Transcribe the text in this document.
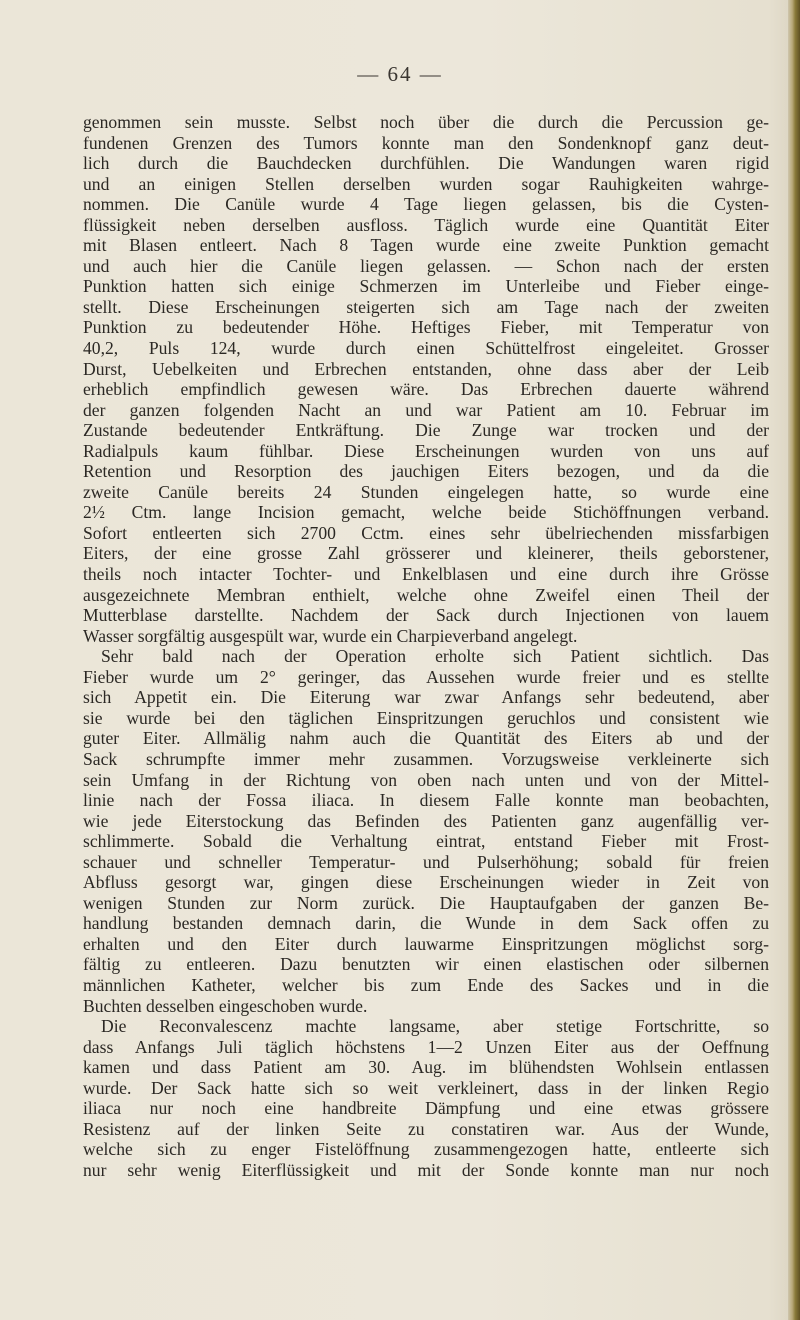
— 64 —
genommen sein musste. Selbst noch über die durch die Percussion ge-
fundenen Grenzen des Tumors konnte man den Sondenknopf ganz deut-
lich durch die Bauchdecken durchfühlen. Die Wandungen waren rigid
und an einigen Stellen derselben wurden sogar Rauhigkeiten wahrge-
nommen. Die Canüle wurde 4 Tage liegen gelassen, bis die Cysten-
flüssigkeit neben derselben ausfloss. Täglich wurde eine Quantität Eiter
mit Blasen entleert. Nach 8 Tagen wurde eine zweite Punktion gemacht
und auch hier die Canüle liegen gelassen. — Schon nach der ersten
Punktion hatten sich einige Schmerzen im Unterleibe und Fieber einge-
stellt. Diese Erscheinungen steigerten sich am Tage nach der zweiten
Punktion zu bedeutender Höhe. Heftiges Fieber, mit Temperatur von
40,2, Puls 124, wurde durch einen Schüttelfrost eingeleitet. Grosser
Durst, Uebelkeiten und Erbrechen entstanden, ohne dass aber der Leib
erheblich empfindlich gewesen wäre. Das Erbrechen dauerte während
der ganzen folgenden Nacht an und war Patient am 10. Februar im
Zustande bedeutender Entkräftung. Die Zunge war trocken und der
Radialpuls kaum fühlbar. Diese Erscheinungen wurden von uns auf
Retention und Resorption des jauchigen Eiters bezogen, und da die
zweite Canüle bereits 24 Stunden eingelegen hatte, so wurde eine
2½ Ctm. lange Incision gemacht, welche beide Stichöffnungen verband.
Sofort entleerten sich 2700 Cctm. eines sehr übelriechenden missfarbigen
Eiters, der eine grosse Zahl grösserer und kleinerer, theils geborstener,
theils noch intacter Tochter- und Enkelblasen und eine durch ihre Grösse
ausgezeichnete Membran enthielt, welche ohne Zweifel einen Theil der
Mutterblase darstellte. Nachdem der Sack durch Injectionen von lauem
Wasser sorgfältig ausgespült war, wurde ein Charpieverband angelegt.
Sehr bald nach der Operation erholte sich Patient sichtlich. Das
Fieber wurde um 2° geringer, das Aussehen wurde freier und es stellte
sich Appetit ein. Die Eiterung war zwar Anfangs sehr bedeutend, aber
sie wurde bei den täglichen Einspritzungen geruchlos und consistent wie
guter Eiter. Allmälig nahm auch die Quantität des Eiters ab und der
Sack schrumpfte immer mehr zusammen. Vorzugsweise verkleinerte sich
sein Umfang in der Richtung von oben nach unten und von der Mittel-
linie nach der Fossa iliaca. In diesem Falle konnte man beobachten,
wie jede Eiterstockung das Befinden des Patienten ganz augenfällig ver-
schlimmerte. Sobald die Verhaltung eintrat, entstand Fieber mit Frost-
schauer und schneller Temperatur- und Pulserhöhung; sobald für freien
Abfluss gesorgt war, gingen diese Erscheinungen wieder in Zeit von
wenigen Stunden zur Norm zurück. Die Hauptaufgaben der ganzen Be-
handlung bestanden demnach darin, die Wunde in dem Sack offen zu
erhalten und den Eiter durch lauwarme Einspritzungen möglichst sorg-
fältig zu entleeren. Dazu benutzten wir einen elastischen oder silbernen
männlichen Katheter, welcher bis zum Ende des Sackes und in die
Buchten desselben eingeschoben wurde.
Die Reconvalescenz machte langsame, aber stetige Fortschritte, so
dass Anfangs Juli täglich höchstens 1—2 Unzen Eiter aus der Oeffnung
kamen und dass Patient am 30. Aug. im blühendsten Wohlsein entlassen
wurde. Der Sack hatte sich so weit verkleinert, dass in der linken Regio
iliaca nur noch eine handbreite Dämpfung und eine etwas grössere
Resistenz auf der linken Seite zu constatiren war. Aus der Wunde,
welche sich zu enger Fistelöffnung zusammengezogen hatte, entleerte sich
nur sehr wenig Eiterflüssigkeit und mit der Sonde konnte man nur noch
